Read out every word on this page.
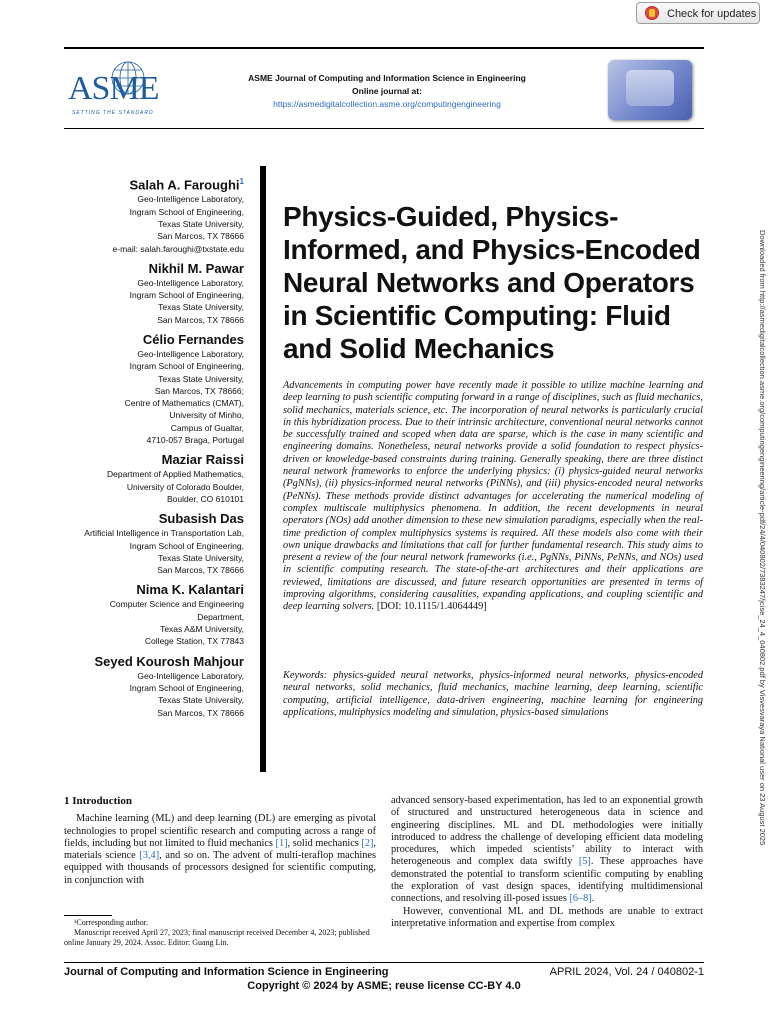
Check for updates
ASME
SETTING THE STANDARD
ASME Journal of Computing and Information Science in Engineering
Online journal at:
https://asmedigitalcollection.asme.org/computingengineering
Salah A. Faroughi$^1$
Geo-Intelligence Laboratory,
Ingram School of Engineering,
Texas State University,
San Marcos, TX 78666
e-mail: salah.faroughi@txstate.edu
Nikhil M. Pawar
Geo-Intelligence Laboratory,
Ingram School of Engineering,
Texas State University,
San Marcos, TX 78666
Célio Fernandes
Geo-Intelligence Laboratory,
Ingram School of Engineering,
Texas State University,
San Marcos, TX 78666;
Centre of Mathematics (CMAT),
University of Minho,
Campus of Gualtar,
4710-057 Braga, Portugal
Maziar Raissi
Department of Applied Mathematics,
University of Colorado Boulder,
Boulder, CO 610101
Subasish Das
Artificial Intelligence in Transportation Lab,
Ingram School of Engineering,
Texas State University,
San Marcos, TX 78666
Nima K. Kalantari
Computer Science and Engineering Department,
Texas A&M University,
College Station, TX 77843
Seyed Kourosh Mahjour
Geo-Intelligence Laboratory,
Ingram School of Engineering,
Texas State University,
San Marcos, TX 78666
Physics-Guided, Physics-Informed, and Physics-Encoded Neural Networks and Operators in Scientific Computing: Fluid and Solid Mechanics
Advancements in computing power have recently made it possible to utilize machine learning and deep learning to push scientific computing forward in a range of disciplines, such as fluid mechanics, solid mechanics, materials science, etc. The incorporation of neural networks is particularly crucial in this hybridization process. Due to their intrinsic architecture, conventional neural networks cannot be successfully trained and scoped when data are sparse, which is the case in many scientific and engineering domains. Nonetheless, neural networks provide a solid foundation to respect physics-driven or knowledge-based constraints during training. Generally speaking, there are three distinct neural network frameworks to enforce the underlying physics: (i) physics-guided neural networks (PgNNs), (ii) physics-informed neural networks (PiNNs), and (iii) physics-encoded neural networks (PeNNs). These methods provide distinct advantages for accelerating the numerical modeling of complex multiscale multiphysics phenomena. In addition, the recent developments in neural operators (NOs) add another dimension to these new simulation paradigms, especially when the real-time prediction of complex multiphysics systems is required. All these models also come with their own unique drawbacks and limitations that call for further fundamental research. This study aims to present a review of the four neural network frameworks (i.e., PgNNs, PiNNs, PeNNs, and NOs) used in scientific computing research. The state-of-the-art architectures and their applications are reviewed, limitations are discussed, and future research opportunities are presented in terms of improving algorithms, considering causalities, expanding applications, and coupling scientific and deep learning solvers. [DOI: 10.1115/1.4064449]
Keywords: physics-guided neural networks, physics-informed neural networks, physics-encoded neural networks, solid mechanics, fluid mechanics, machine learning, deep learning, scientific computing, artificial intelligence, data-driven engineering, machine learning for engineering applications, multiphysics modeling and simulation, physics-based simulations
1 Introduction
Machine learning (ML) and deep learning (DL) are emerging as pivotal technologies to propel scientific research and computing across a range of fields, including but not limited to fluid mechanics [1], solid mechanics [2], materials science [3,4], and so on. The advent of multi-teraflop machines equipped with thousands of processors designed for scientific computing, in conjunction with
advanced sensory-based experimentation, has led to an exponential growth of structured and unstructured heterogeneous data in science and engineering disciplines. ML and DL methodologies were initially introduced to address the challenge of developing efficient data modeling procedures, which impeded scientists’ ability to interact with heterogeneous and complex data swiftly [5]. These approaches have demonstrated the potential to transform scientific computing by enabling the exploration of vast design spaces, identifying multidimensional connections, and resolving ill-posed issues [6–8].
However, conventional ML and DL methods are unable to extract interpretative information and expertise from complex
¹Corresponding author.
Manuscript received April 27, 2023; final manuscript received December 4, 2023; published online January 29, 2024. Assoc. Editor: Guang Lin.
Journal of Computing and Information Science in Engineering	APRIL 2024, Vol. 24 / 040802-1
Copyright © 2024 by ASME; reuse license CC-BY 4.0
Downloaded from http://asmedigitalcollection.asme.org/computingengineering/article-pdf/24/4/040802/7383247/jcise_24_4_040802.pdf by Visvesvaraya National user on 23 August 2025
